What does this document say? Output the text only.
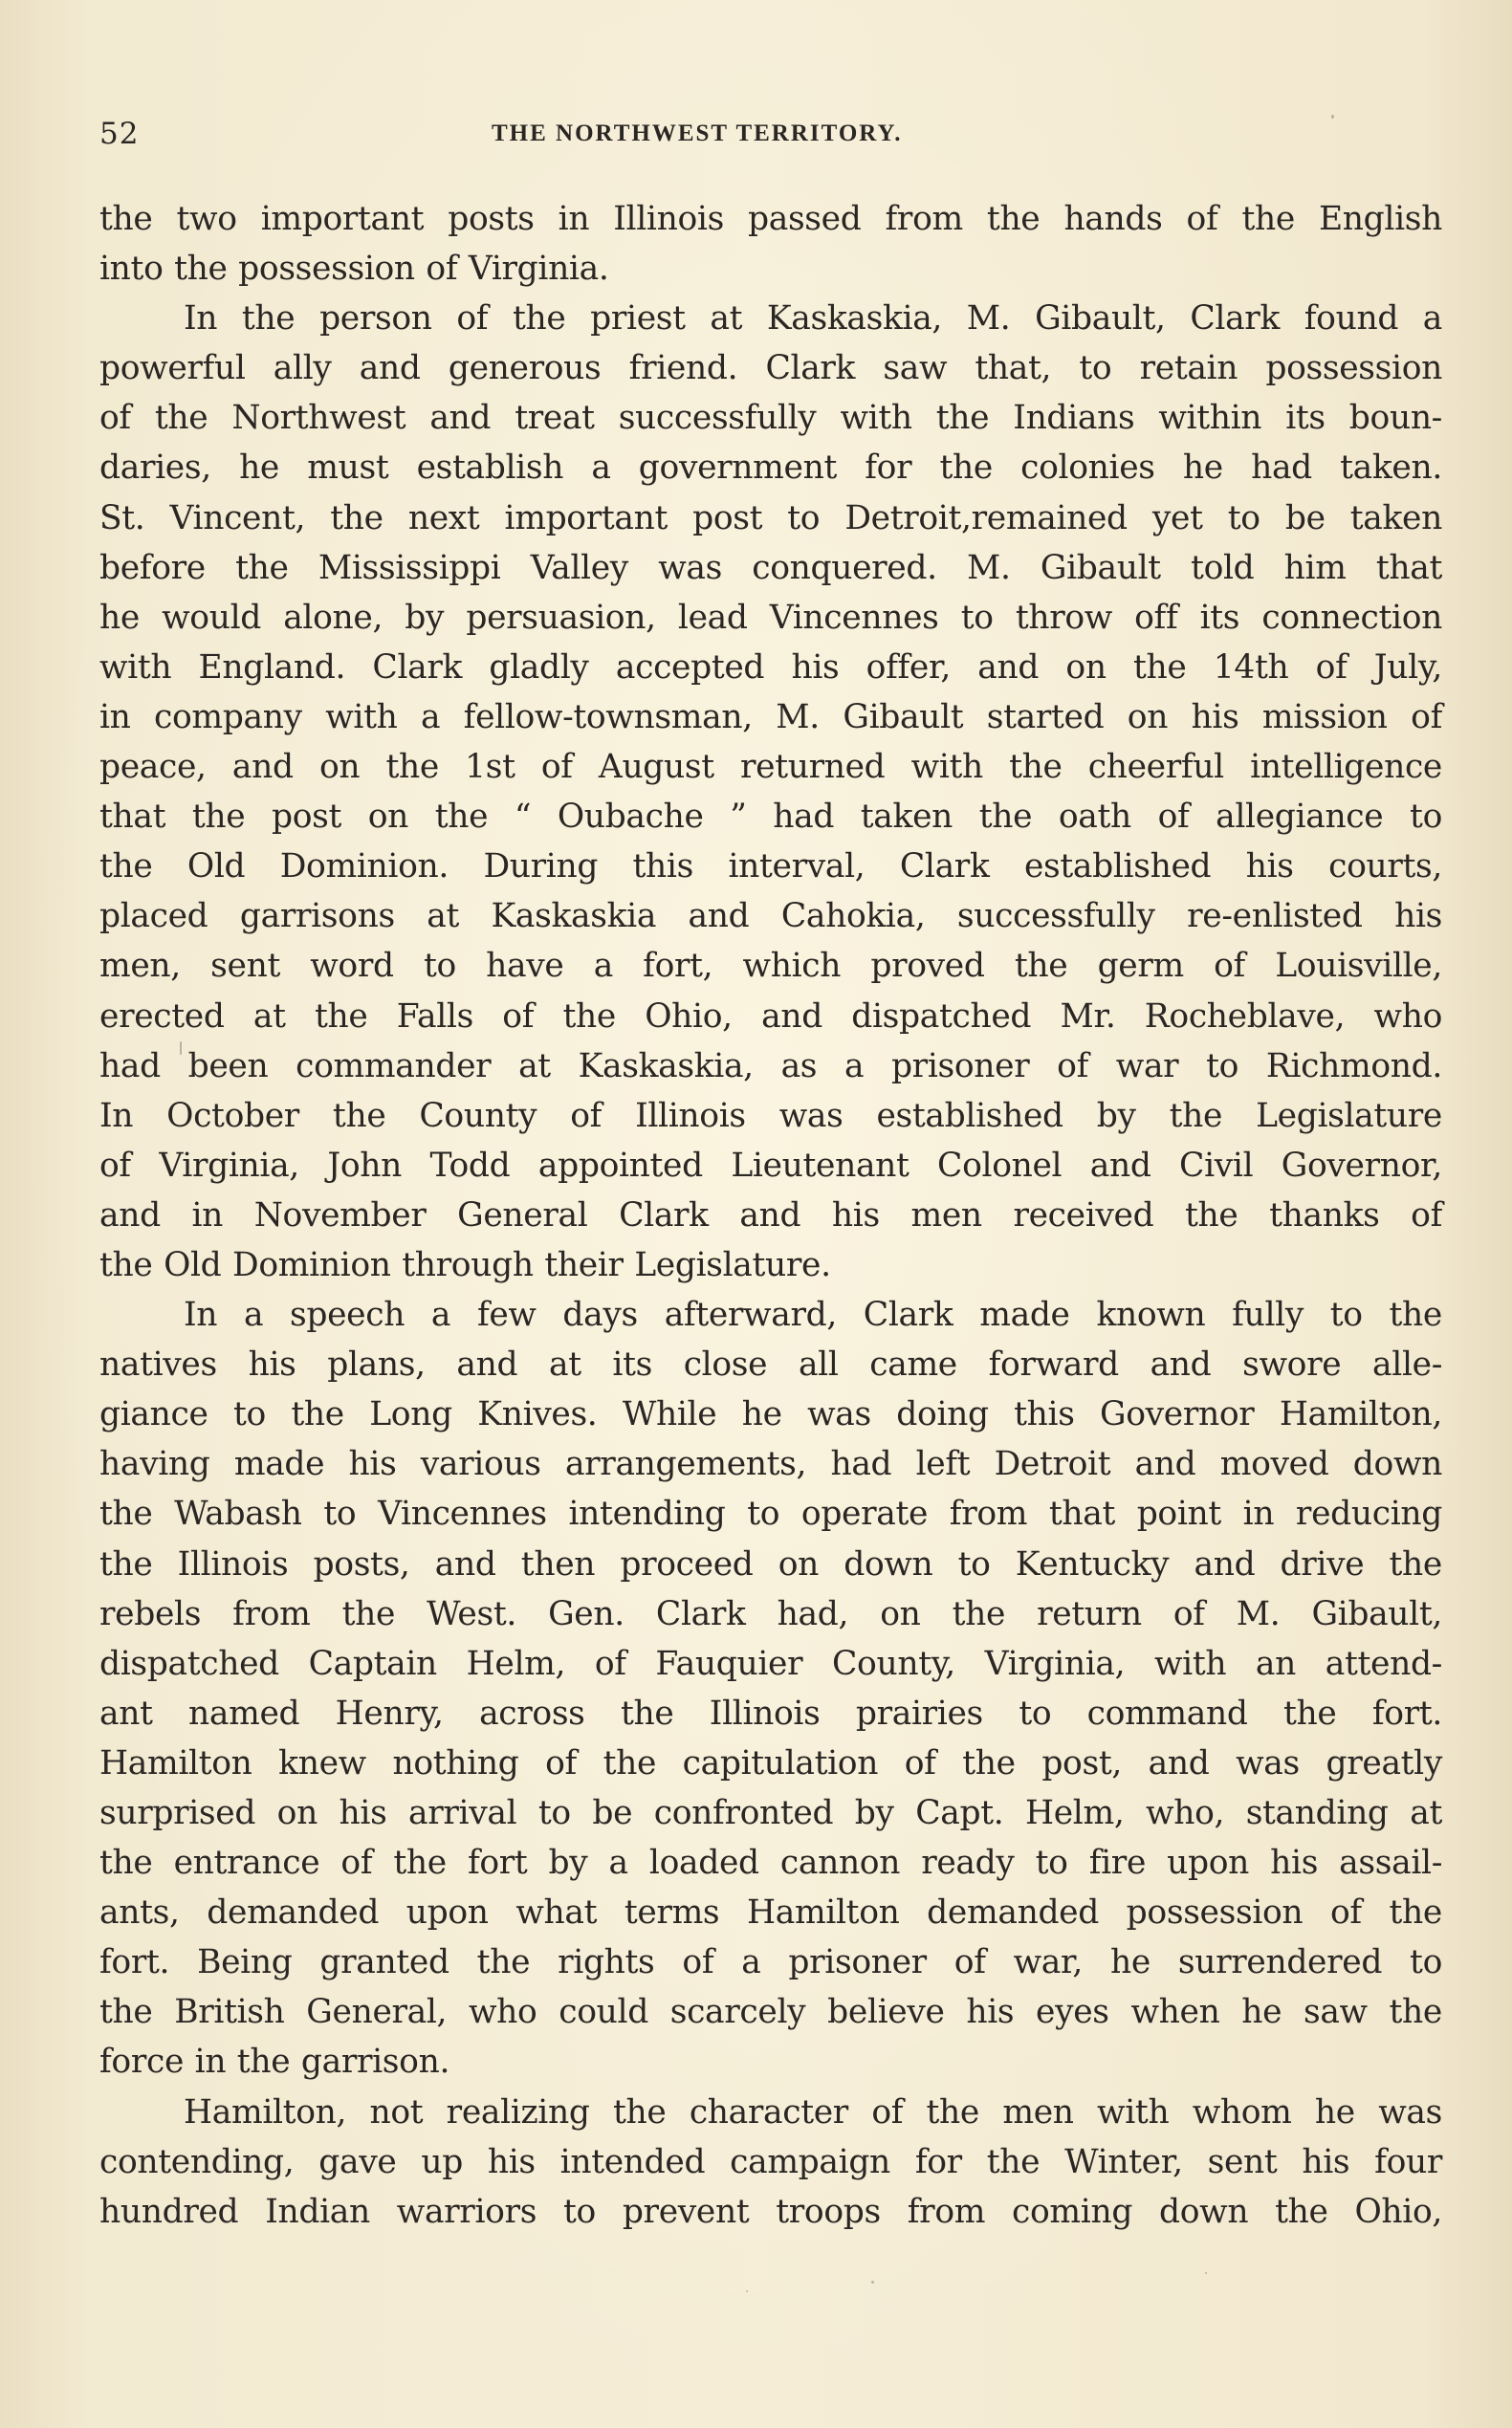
52	THE NORTHWEST TERRITORY.
the two important posts in Illinois passed from the hands of the English
into the possession of Virginia.
In the person of the priest at Kaskaskia, M. Gibault, Clark found a
powerful ally and generous friend. Clark saw that, to retain possession
of the Northwest and treat successfully with the Indians within its boun-
daries, he must establish a government for the colonies he had taken.
St. Vincent, the next important post to Detroit,remained yet to be taken
before the Mississippi Valley was conquered. M. Gibault told him that
he would alone, by persuasion, lead Vincennes to throw off its connection
with England. Clark gladly accepted his offer, and on the 14th of July,
in company with a fellow-townsman, M. Gibault started on his mission of
peace, and on the 1st of August returned with the cheerful intelligence
that the post on the “ Oubache ” had taken the oath of allegiance to
the Old Dominion. During this interval, Clark established his courts,
placed garrisons at Kaskaskia and Cahokia, successfully re-enlisted his
men, sent word to have a fort, which proved the germ of Louisville,
erected at the Falls of the Ohio, and dispatched Mr. Rocheblave, who
had been commander at Kaskaskia, as a prisoner of war to Richmond.
In October the County of Illinois was established by the Legislature
of Virginia, John Todd appointed Lieutenant Colonel and Civil Governor,
and in November General Clark and his men received the thanks of
the Old Dominion through their Legislature.
In a speech a few days afterward, Clark made known fully to the
natives his plans, and at its close all came forward and swore alle-
giance to the Long Knives. While he was doing this Governor Hamilton,
having made his various arrangements, had left Detroit and moved down
the Wabash to Vincennes intending to operate from that point in reducing
the Illinois posts, and then proceed on down to Kentucky and drive the
rebels from the West. Gen. Clark had, on the return of M. Gibault,
dispatched Captain Helm, of Fauquier County, Virginia, with an attend-
ant named Henry, across the Illinois prairies to command the fort.
Hamilton knew nothing of the capitulation of the post, and was greatly
surprised on his arrival to be confronted by Capt. Helm, who, standing at
the entrance of the fort by a loaded cannon ready to fire upon his assail-
ants, demanded upon what terms Hamilton demanded possession of the
fort. Being granted the rights of a prisoner of war, he surrendered to
the British General, who could scarcely believe his eyes when he saw the
force in the garrison.
Hamilton, not realizing the character of the men with whom he was
contending, gave up his intended campaign for the Winter, sent his four
hundred Indian warriors to prevent troops from coming down the Ohio,
